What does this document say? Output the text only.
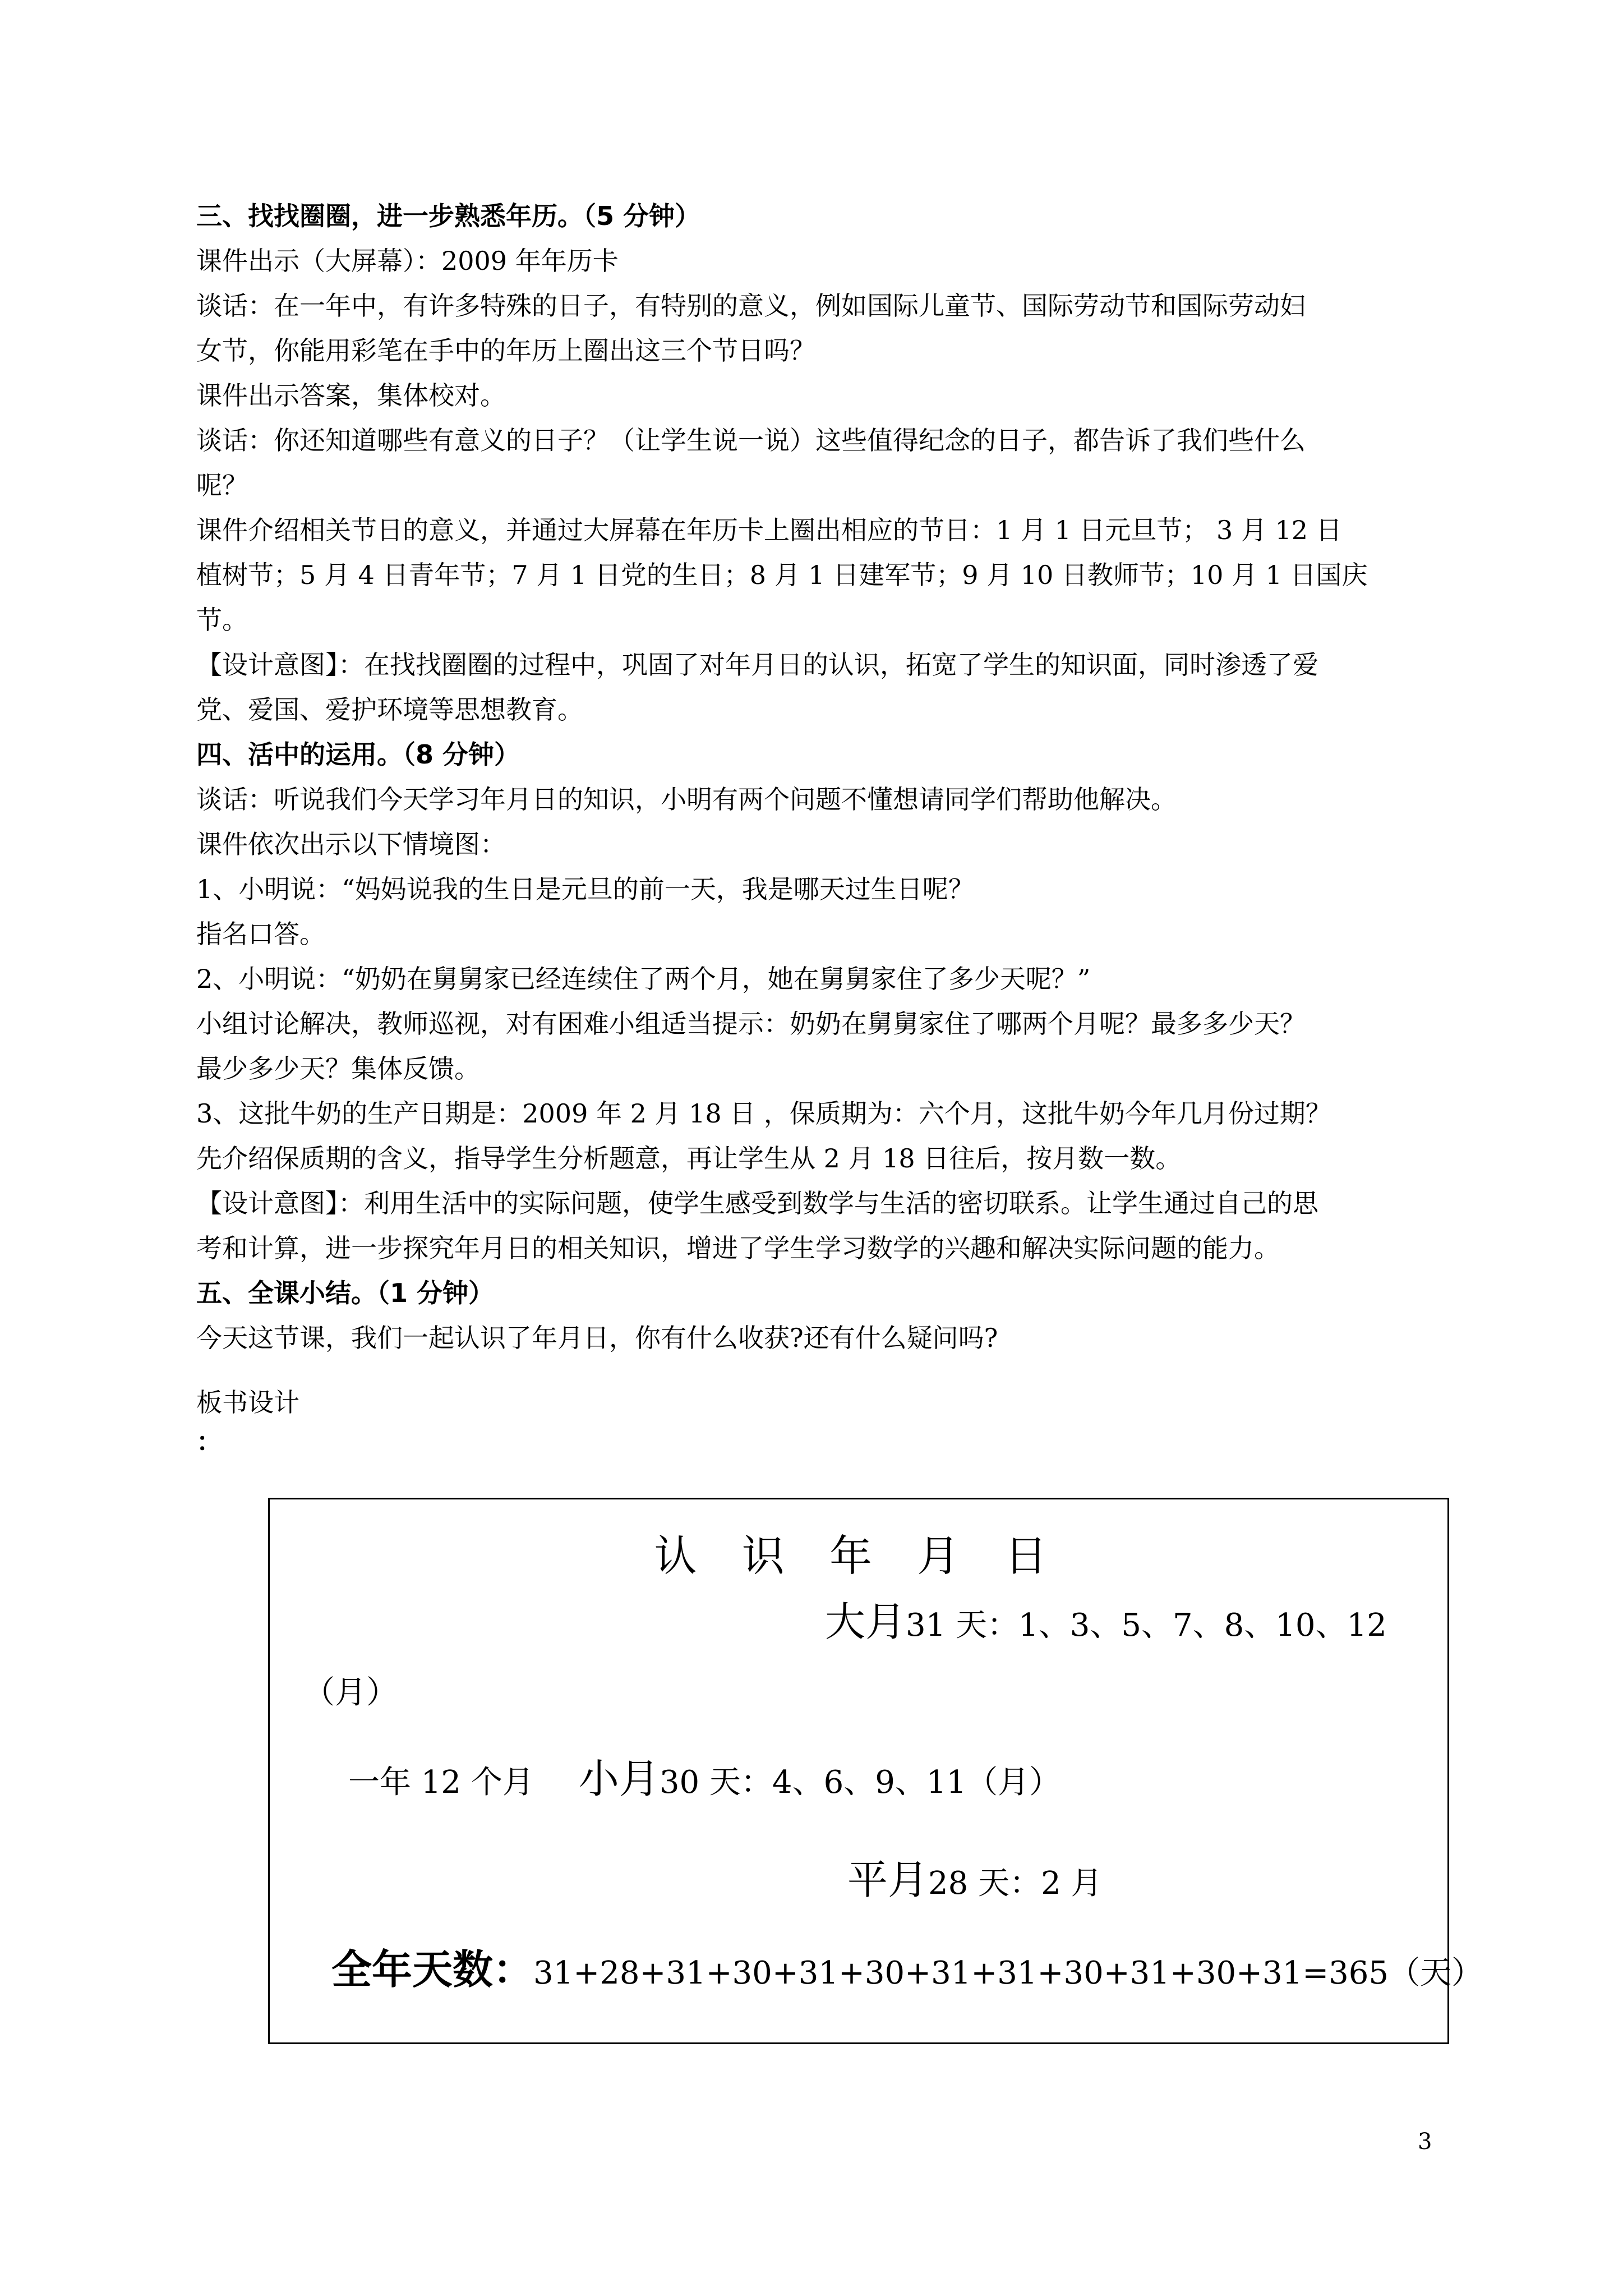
三、找找圈圈，进一步熟悉年历。（5 分钟）
课件出示（大屏幕）：2009 年年历卡
谈话：在一年中，有许多特殊的日子，有特别的意义，例如国际儿童节、国际劳动节和国际劳动妇
女节，你能用彩笔在手中的年历上圈出这三个节日吗？
课件出示答案，集体校对。
谈话：你还知道哪些有意义的日子？（让学生说一说）这些值得纪念的日子，都告诉了我们些什么
呢？
课件介绍相关节日的意义，并通过大屏幕在年历卡上圈出相应的节日：1 月 1 日元旦节； 3 月 12 日
植树节；5 月 4 日青年节；7 月 1 日党的生日；8 月 1 日建军节；9 月 10 日教师节；10 月 1 日国庆
节。
【设计意图】：在找找圈圈的过程中，巩固了对年月日的认识，拓宽了学生的知识面，同时渗透了爱
党、爱国、爱护环境等思想教育。
四、活中的运用。（8 分钟）
谈话：听说我们今天学习年月日的知识，小明有两个问题不懂想请同学们帮助他解决。
课件依次出示以下情境图：
1、小明说：“妈妈说我的生日是元旦的前一天，我是哪天过生日呢？
指名口答。
2、小明说：“奶奶在舅舅家已经连续住了两个月，她在舅舅家住了多少天呢？”
小组讨论解决，教师巡视，对有困难小组适当提示：奶奶在舅舅家住了哪两个月呢？最多多少天？
最少多少天？集体反馈。
3、这批牛奶的生产日期是：2009 年 2 月 18 日 ，保质期为：六个月，这批牛奶今年几月份过期？
先介绍保质期的含义，指导学生分析题意，再让学生从 2 月 18 日往后，按月数一数。
【设计意图】：利用生活中的实际问题，使学生感受到数学与生活的密切联系。让学生通过自己的思
考和计算，进一步探究年月日的相关知识，增进了学生学习数学的兴趣和解决实际问题的能力。
五、全课小结。（1 分钟）
今天这节课，我们一起认识了年月日，你有什么收获?还有什么疑问吗?
板书设计
：
认 识 年 月 日
大月31 天：1、3、5、7、8、10、12
（月）
一年 12 个月 小月30 天：4、6、9、11（月）
平月28 天：2 月
全年天数：31+28+31+30+31+30+31+31+30+31+30+31=365（天）
3
